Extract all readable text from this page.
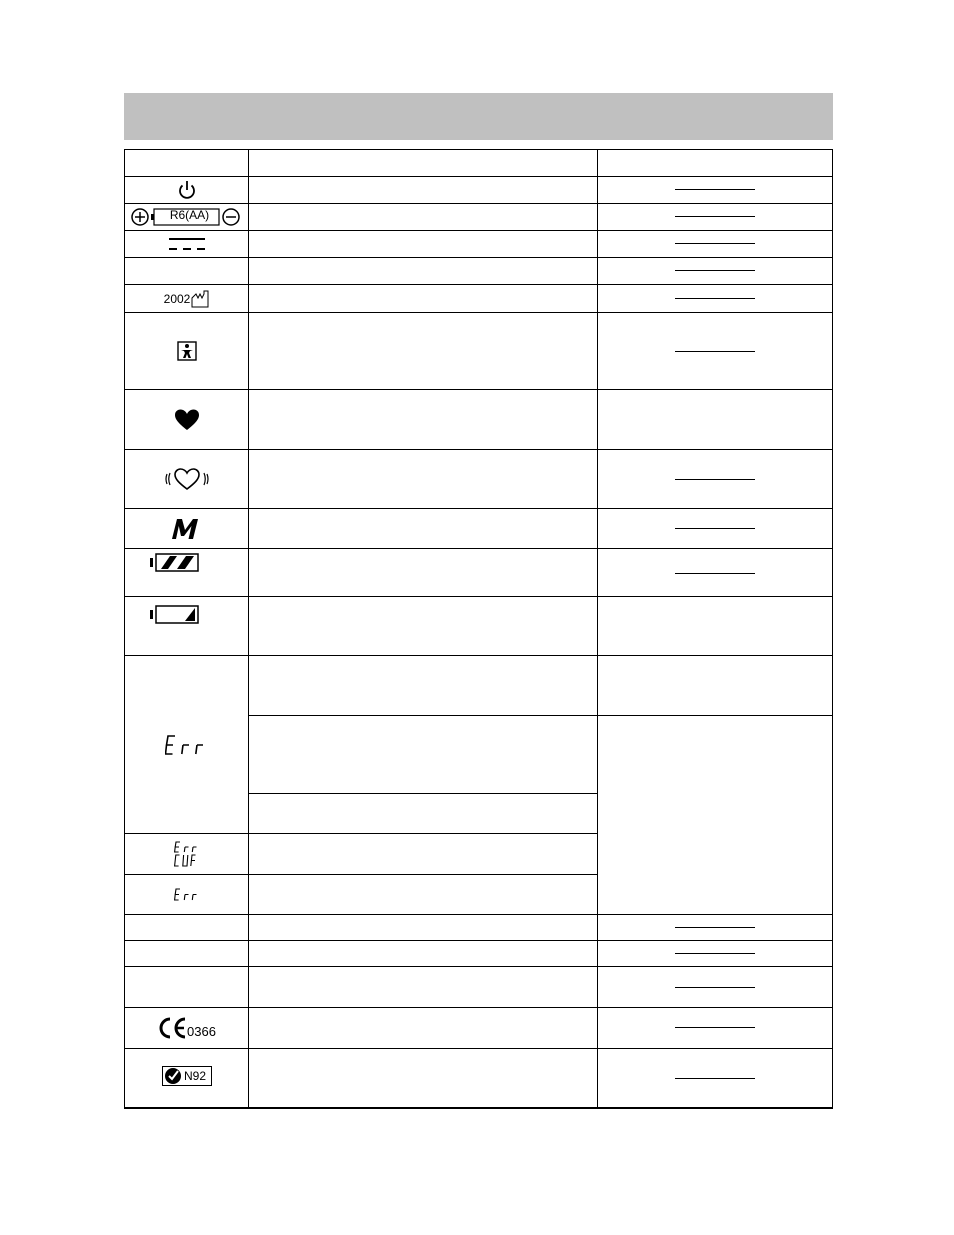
R6(AA)
2002
0366
N92
